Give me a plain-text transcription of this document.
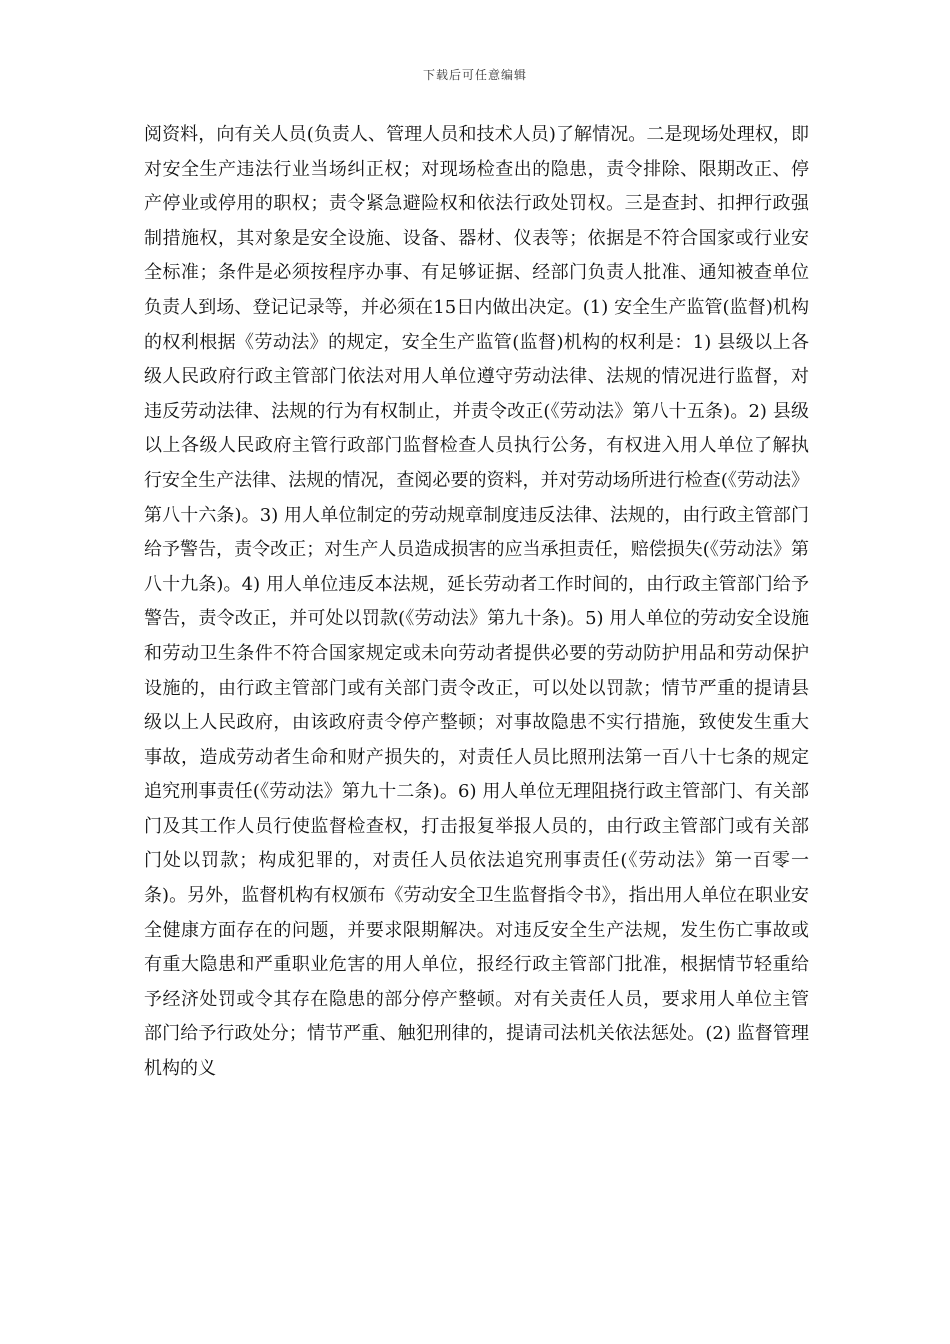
下载后可任意编辑

阅资料，向有关人员(负责人、管理人员和技术人员)了解情况。二是现场处理权，即对安全生产违法行业当场纠正权；对现场检查出的隐患，责令排除、限期改正、停产停业或停用的职权；责令紧急避险权和依法行政处罚权。三是查封、扣押行政强制措施权，其对象是安全设施、设备、器材、仪表等；依据是不符合国家或行业安全标准；条件是必须按程序办事、有足够证据、经部门负责人批准、通知被查单位负责人到场、登记记录等，并必须在15日内做出决定。(1) 安全生产监管(监督)机构的权利根据《劳动法》的规定，安全生产监管(监督)机构的权利是：1) 县级以上各级人民政府行政主管部门依法对用人单位遵守劳动法律、法规的情况进行监督，对违反劳动法律、法规的行为有权制止，并责令改正(《劳动法》第八十五条)。2) 县级以上各级人民政府主管行政部门监督检查人员执行公务，有权进入用人单位了解执行安全生产法律、法规的情况，查阅必要的资料，并对劳动场所进行检查(《劳动法》第八十六条)。3) 用人单位制定的劳动规章制度违反法律、法规的，由行政主管部门给予警告，责令改正；对生产人员造成损害的应当承担责任，赔偿损失(《劳动法》第八十九条)。4) 用人单位违反本法规，延长劳动者工作时间的，由行政主管部门给予警告，责令改正，并可处以罚款(《劳动法》第九十条)。5) 用人单位的劳动安全设施和劳动卫生条件不符合国家规定或未向劳动者提供必要的劳动防护用品和劳动保护设施的，由行政主管部门或有关部门责令改正，可以处以罚款；情节严重的提请县级以上人民政府，由该政府责令停产整顿；对事故隐患不实行措施，致使发生重大事故，造成劳动者生命和财产损失的，对责任人员比照刑法第一百八十七条的规定追究刑事责任(《劳动法》第九十二条)。6) 用人单位无理阻挠行政主管部门、有关部门及其工作人员行使监督检查权，打击报复举报人员的，由行政主管部门或有关部门处以罚款；构成犯罪的，对责任人员依法追究刑事责任(《劳动法》第一百零一条)。另外，监督机构有权颁布《劳动安全卫生监督指令书》，指出用人单位在职业安全健康方面存在的问题，并要求限期解决。对违反安全生产法规，发生伤亡事故或有重大隐患和严重职业危害的用人单位，报经行政主管部门批准，根据情节轻重给予经济处罚或令其存在隐患的部分停产整顿。对有关责任人员，要求用人单位主管部门给予行政处分；情节严重、触犯刑律的，提请司法机关依法惩处。(2) 监督管理机构的义
